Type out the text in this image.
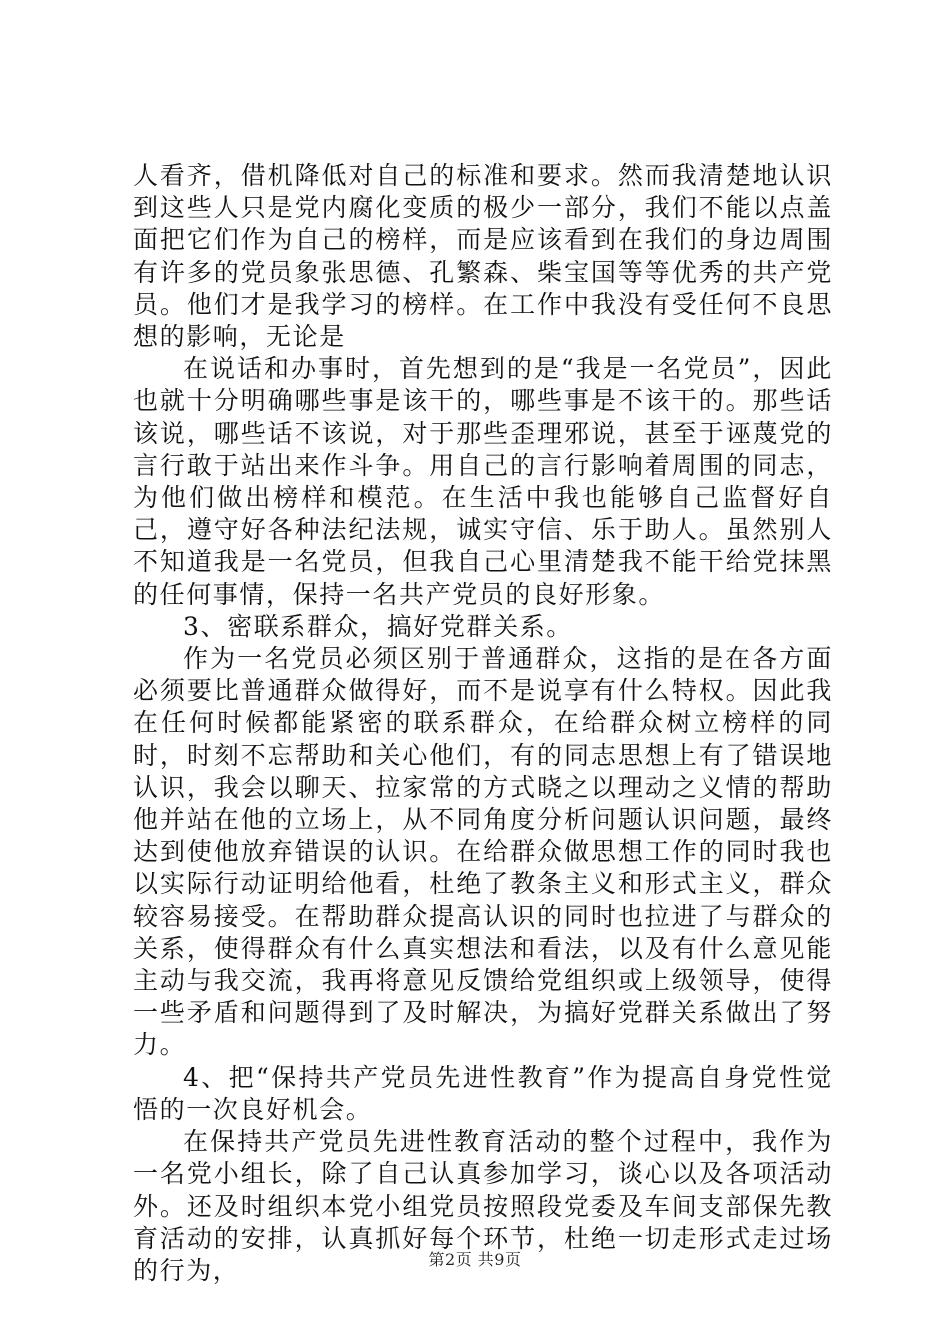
人看齐，借机降低对自己的标准和要求。然而我清楚地认识到这些人只是党内腐化变质的极少一部分，我们不能以点盖面把它们作为自己的榜样，而是应该看到在我们的身边周围有许多的党员象张思德、孔繁森、柴宝国等等优秀的共产党员。他们才是我学习的榜样。在工作中我没有受任何不良思想的影响，无论是

在说话和办事时，首先想到的是“我是一名党员”，因此也就十分明确哪些事是该干的，哪些事是不该干的。那些话该说，哪些话不该说，对于那些歪理邪说，甚至于诬蔑党的言行敢于站出来作斗争。用自己的言行影响着周围的同志，为他们做出榜样和模范。在生活中我也能够自己监督好自己，遵守好各种法纪法规，诚实守信、乐于助人。虽然别人不知道我是一名党员，但我自己心里清楚我不能干给党抹黑的任何事情，保持一名共产党员的良好形象。

3、密联系群众，搞好党群关系。

作为一名党员必须区别于普通群众，这指的是在各方面必须要比普通群众做得好，而不是说享有什么特权。因此我在任何时候都能紧密的联系群众，在给群众树立榜样的同时，时刻不忘帮助和关心他们，有的同志思想上有了错误地认识，我会以聊天、拉家常的方式晓之以理动之义情的帮助他并站在他的立场上，从不同角度分析问题认识问题，最终达到使他放弃错误的认识。在给群众做思想工作的同时我也以实际行动证明给他看，杜绝了教条主义和形式主义，群众较容易接受。在帮助群众提高认识的同时也拉进了与群众的关系，使得群众有什么真实想法和看法，以及有什么意见能主动与我交流，我再将意见反馈给党组织或上级领导，使得一些矛盾和问题得到了及时解决，为搞好党群关系做出了努力。

4、把“保持共产党员先进性教育”作为提高自身党性觉悟的一次良好机会。

在保持共产党员先进性教育活动的整个过程中，我作为一名党小组长，除了自己认真参加学习，谈心以及各项活动外。还及时组织本党小组党员按照段党委及车间支部保先教育活动的安排，认真抓好每个环节，杜绝一切走形式走过场的行为，	第2页 共9页
